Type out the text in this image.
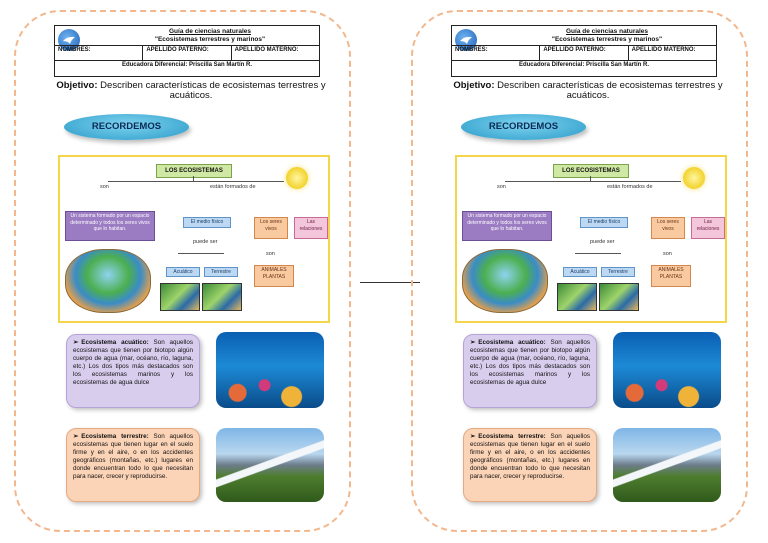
Guía de ciencias naturales
"Ecosistemas terrestres y marinos"
NOMBRES:	APELLIDO PATERNO:	APELLIDO MATERNO:
Educadora Diferencial: Priscilla San Martín R.
Objetivo: Describen características de ecosistemas terrestres y acuáticos.
RECORDEMOS
LOS ECOSISTEMAS
son	están formados de
Un sistema formado por un espacio determinado y todos los seres vivos que lo habitan.
El medio físico	Los seres vivos
Las relaciones
puede ser
Acuático	Terrestre
son
ANIMALES PLANTAS
➢ Ecosistema acuático: Son aquellos ecosistemas que tienen por biotopo algún cuerpo de agua (mar, océano, río, laguna, etc.) Los dos tipos más destacados son los ecosistemas marinos y los ecosistemas de agua dulce
➢ Ecosistema terrestre: Son aquellos ecosistemas que tienen lugar en el suelo firme y en el aire, o en los accidentes geográficos (montañas, etc.) lugares en donde encuentran todo lo que necesitan para nacer, crecer y reproducirse.
Guía de ciencias naturales
"Ecosistemas terrestres y marinos"
NOMBRES:	APELLIDO PATERNO:	APELLIDO MATERNO:
Educadora Diferencial: Priscilla San Martín R.
Objetivo: Describen características de ecosistemas terrestres y acuáticos.
RECORDEMOS
LOS ECOSISTEMAS
son	están formados de
Un sistema formado por un espacio determinado y todos los seres vivos que lo habitan.
El medio físico	Los seres vivos
Las relaciones
puede ser
Acuático	Terrestre
son
ANIMALES PLANTAS
➢ Ecosistema acuático: Son aquellos ecosistemas que tienen por biotopo algún cuerpo de agua (mar, océano, río, laguna, etc.) Los dos tipos más destacados son los ecosistemas marinos y los ecosistemas de agua dulce
➢ Ecosistema terrestre: Son aquellos ecosistemas que tienen lugar en el suelo firme y en el aire, o en los accidentes geográficos (montañas, etc.) lugares en donde encuentran todo lo que necesitan para nacer, crecer y reproducirse.
